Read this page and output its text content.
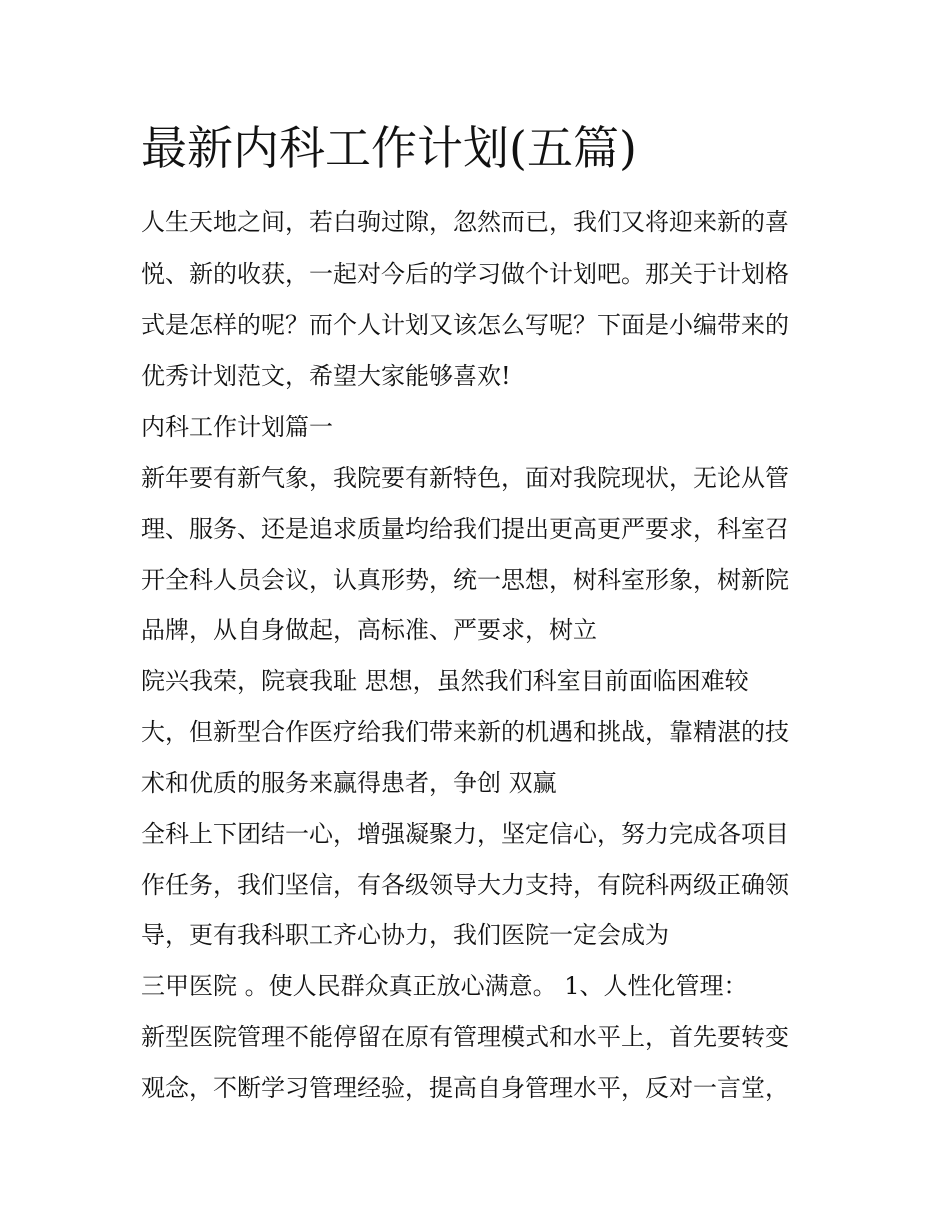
最新内科工作计划(五篇)

人生天地之间，若白驹过隙，忽然而已，我们又将迎来新的喜

悦、新的收获，一起对今后的学习做个计划吧。那关于计划格

式是怎样的呢？而个人计划又该怎么写呢？下面是小编带来的

优秀计划范文，希望大家能够喜欢!

内科工作计划篇一

新年要有新气象，我院要有新特色，面对我院现状，无论从管

理、服务、还是追求质量均给我们提出更高更严要求，科室召

开全科人员会议，认真形势，统一思想，树科室形象，树新院

品牌，从自身做起，高标准、严要求，树立

院兴我荣，院衰我耻 思想，虽然我们科室目前面临困难较

大，但新型合作医疗给我们带来新的机遇和挑战，靠精湛的技

术和优质的服务来赢得患者，争创 双赢

全科上下团结一心，增强凝聚力，坚定信心，努力完成各项目

作任务，我们坚信，有各级领导大力支持，有院科两级正确领

导，更有我科职工齐心协力，我们医院一定会成为

三甲医院 。使人民群众真正放心满意。 1、人性化管理：

新型医院管理不能停留在原有管理模式和水平上，首先要转变

观念，不断学习管理经验，提高自身管理水平，反对一言堂，
